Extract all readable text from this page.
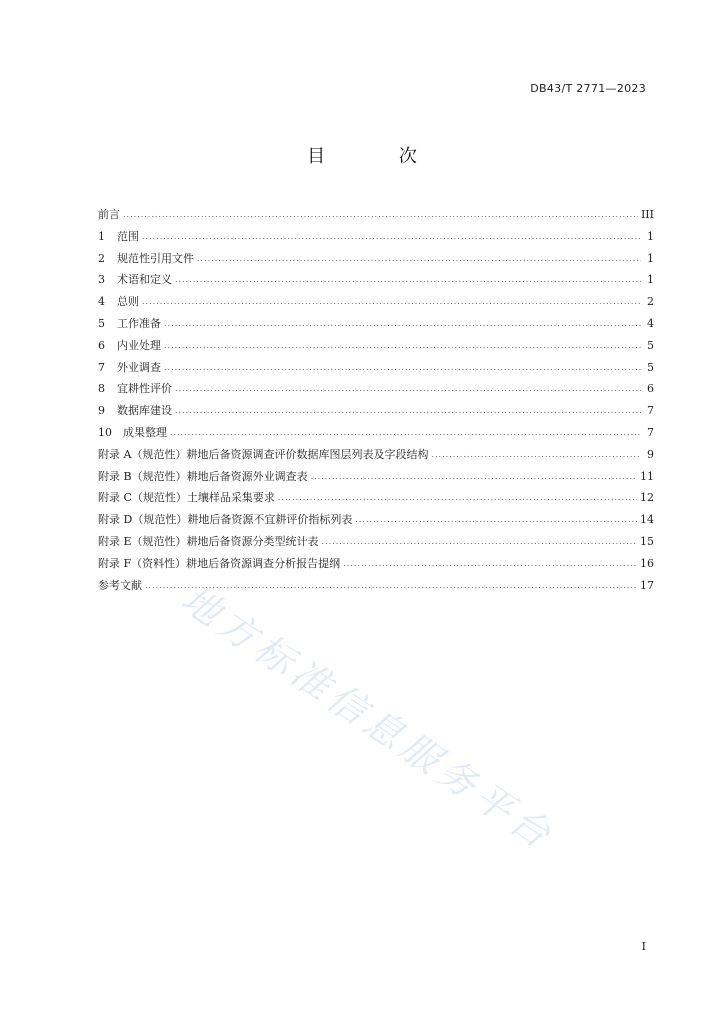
DB43/T 2771—2023
目 次
前言 .....	III
1	范围 .....	1
2	规范性引用文件 .....	1
3	术语和定义 .....	1
4	总则 .....	2
5	工作准备 .....	4
6	内业处理 .....	5
7	外业调查 .....	5
8	宜耕性评价 .....	6
9	数据库建设 .....	7
10	成果整理 .....	7
附录 A（规范性） 耕地后备资源调查评价数据库图层列表及字段结构 .....	9
附录 B（规范性） 耕地后备资源外业调查表 .....	11
附录 C（规范性） 土壤样品采集要求 .....	12
附录 D（规范性） 耕地后备资源不宜耕评价指标列表 .....	14
附录 E（规范性） 耕地后备资源分类型统计表 .....	15
附录 F（资料性） 耕地后备资源调查分析报告提纲 .....	16
参考文献 .....	17
地方标准信息服务平台
I
